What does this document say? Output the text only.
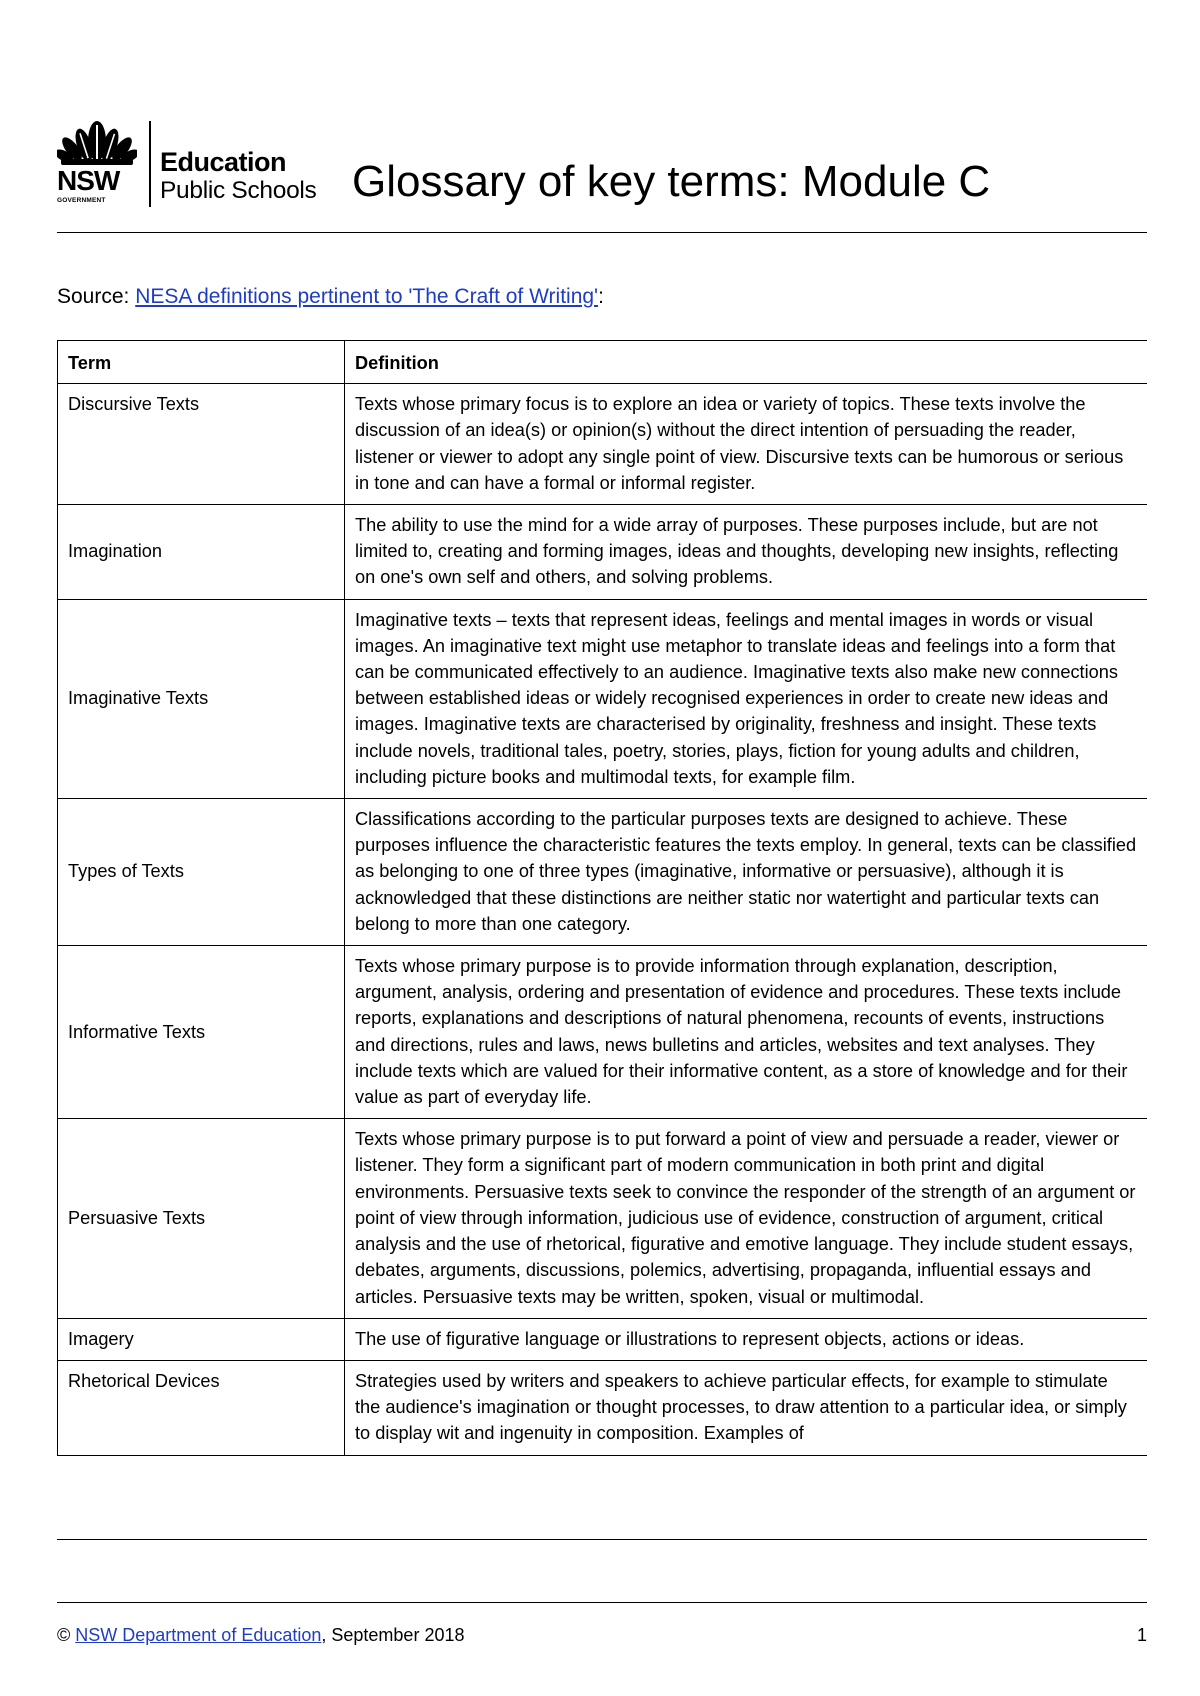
NSW
GOVERNMENT
Education
Public Schools Glossary of key terms: Module C
Source: NESA definitions pertinent to 'The Craft of Writing':
Term	Definition
Discursive Texts	Texts whose primary focus is to explore an idea or variety of topics. These texts involve the discussion of an idea(s) or opinion(s) without the direct intention of persuading the reader, listener or viewer to adopt any single point of view. Discursive texts can be humorous or serious in tone and can have a formal or informal register.
Imagination	The ability to use the mind for a wide array of purposes. These purposes include, but are not limited to, creating and forming images, ideas and thoughts, developing new insights, reflecting on one's own self and others, and solving problems.
Imaginative Texts	Imaginative texts – texts that represent ideas, feelings and mental images in words or visual images. An imaginative text might use metaphor to translate ideas and feelings into a form that can be communicated effectively to an audience. Imaginative texts also make new connections between established ideas or widely recognised experiences in order to create new ideas and images. Imaginative texts are characterised by originality, freshness and insight. These texts include novels, traditional tales, poetry, stories, plays, fiction for young adults and children, including picture books and multimodal texts, for example film.
Types of Texts	Classifications according to the particular purposes texts are designed to achieve. These purposes influence the characteristic features the texts employ. In general, texts can be classified as belonging to one of three types (imaginative, informative or persuasive), although it is acknowledged that these distinctions are neither static nor watertight and particular texts can belong to more than one category.
Informative Texts	Texts whose primary purpose is to provide information through explanation, description, argument, analysis, ordering and presentation of evidence and procedures. These texts include reports, explanations and descriptions of natural phenomena, recounts of events, instructions and directions, rules and laws, news bulletins and articles, websites and text analyses. They include texts which are valued for their informative content, as a store of knowledge and for their value as part of everyday life.
Persuasive Texts	Texts whose primary purpose is to put forward a point of view and persuade a reader, viewer or listener. They form a significant part of modern communication in both print and digital environments. Persuasive texts seek to convince the responder of the strength of an argument or point of view through information, judicious use of evidence, construction of argument, critical analysis and the use of rhetorical, figurative and emotive language. They include student essays, debates, arguments, discussions, polemics, advertising, propaganda, influential essays and articles. Persuasive texts may be written, spoken, visual or multimodal.
Imagery	The use of figurative language or illustrations to represent objects, actions or ideas.
Rhetorical Devices	Strategies used by writers and speakers to achieve particular effects, for example to stimulate the audience's imagination or thought processes, to draw attention to a particular idea, or simply to display wit and ingenuity in composition. Examples of
© NSW Department of Education, September 2018	1
